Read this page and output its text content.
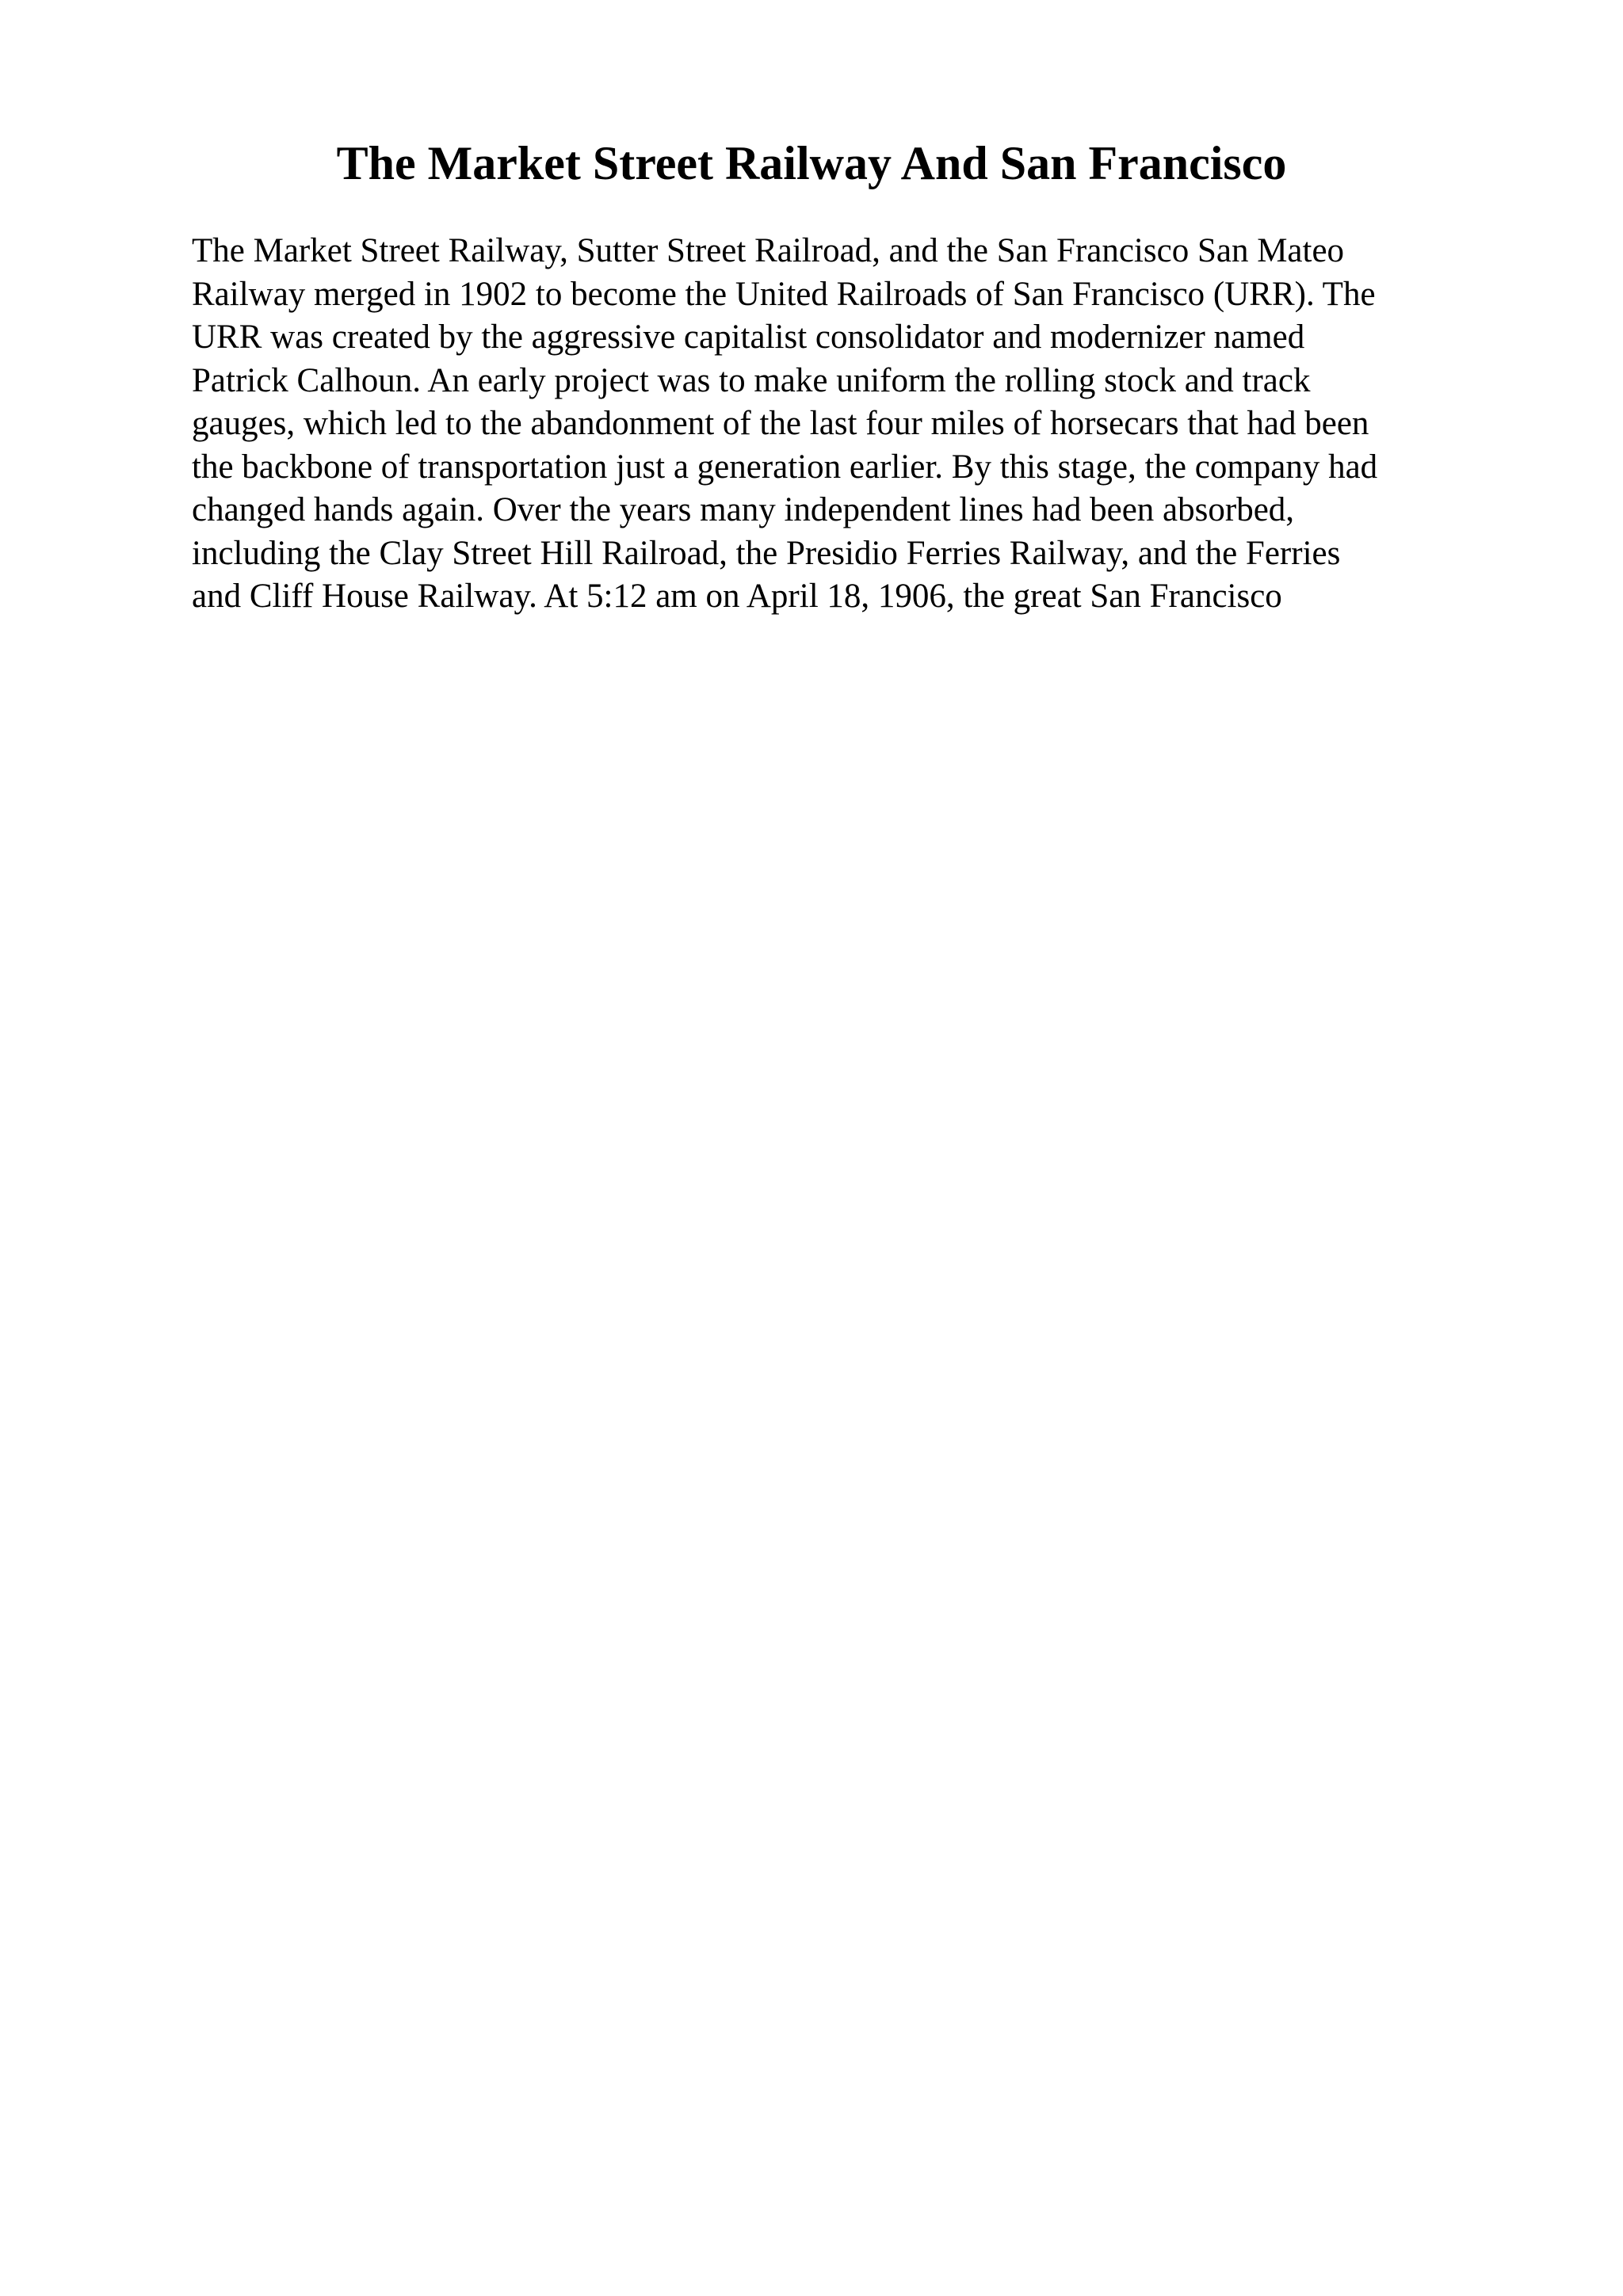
The Market Street Railway And San Francisco

The Market Street Railway, Sutter Street Railroad, and the San Francisco San Mateo
Railway merged in 1902 to become the United Railroads of San Francisco (URR). The
URR was created by the aggressive capitalist consolidator and modernizer named
Patrick Calhoun. An early project was to make uniform the rolling stock and track
gauges, which led to the abandonment of the last four miles of horsecars that had been
the backbone of transportation just a generation earlier. By this stage, the company had
changed hands again. Over the years many independent lines had been absorbed,
including the Clay Street Hill Railroad, the Presidio Ferries Railway, and the Ferries
and Cliff House Railway. At 5:12 am on April 18, 1906, the great San Francisco
